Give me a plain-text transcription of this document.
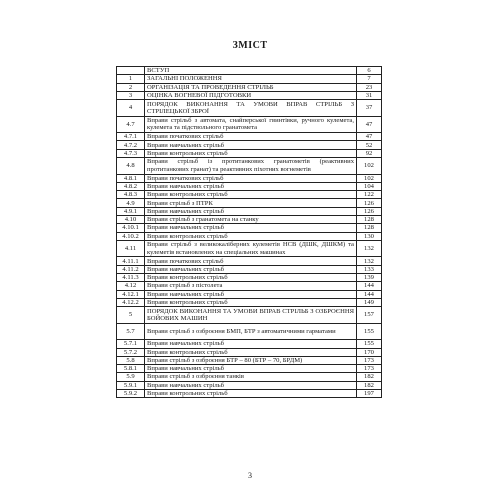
ЗМІСТ
	ВСТУП	6
1	ЗАГАЛЬНІ ПОЛОЖЕННЯ	7
2	ОРГАНІЗАЦІЯ ТА ПРОВЕДЕННЯ СТРІЛЬБ	23
3	ОЦІНКА ВОГНЕВОЇ ПІДГОТОВКИ	31
4	ПОРЯДОК ВИКОНАННЯ ТА УМОВИ ВПРАВ СТРІЛЬБ З СТРІЛЕЦЬКОЇ ЗБРОЇ	37
4.7	Вправи стрільб з автомата, снайперської гвинтівки, ручного кулемета, кулемета та підствольного гранатомета	47
4.7.1	Вправи початкових стрільб	47
4.7.2	Вправи навчальних стрільб	52
4.7.3	Вправи контрольних стрільб	92
4.8	Вправи стрільб із протитанкових гранатометів (реактивних протитанкових гранат) та реактивних піхотних вогнеметів	102
4.8.1	Вправи початкових стрільб	102
4.8.2	Вправи навчальних стрільб	104
4.8.3	Вправи контрольних стрільб	122
4.9	Вправи стрільб з ПТРК	126
4.9.1	Вправи навчальних стрільб	126
4.10	Вправи стрільб з гранатомета на станку	128
4.10.1	Вправи навчальних стрільб	128
4.10.2	Вправи контрольних стрільб	130
4.11	Вправи стрільб з великокаліберних кулеметів НСВ (ДШК, ДШКМ) та кулеметів встановлених на спеціальних машинах	132
4.11.1	Вправи початкових стрільб	132
4.11.2	Вправи навчальних стрільб	133
4.11.3	Вправи контрольних стрільб	139
4.12	Вправи стрільб з пістолета	144
4.12.1	Вправи навчальних стрільб	144
4.12.2	Вправи контрольних стрільб	149
5	ПОРЯДОК ВИКОНАННЯ ТА УМОВИ ВПРАВ СТРІЛЬБ З ОЗБРОЄННЯ БОЙОВИХ МАШИН	157
5.7	Вправи стрільб з озброєння БМП, БТР з автоматичними гарматами	155
5.7.1	Вправи навчальних стрільб	155
5.7.2	Вправи контрольних стрільб	170
5.8	Вправи стрільб з озброєння БТР – 80 (БТР – 70, БРДМ)	173
5.8.1	Вправи навчальних стрільб	173
5.9	Вправи стрільб з озброєння танків	182
5.9.1	Вправи навчальних стрільб	182
5.9.2	Вправи контрольних стрільб	197
3
